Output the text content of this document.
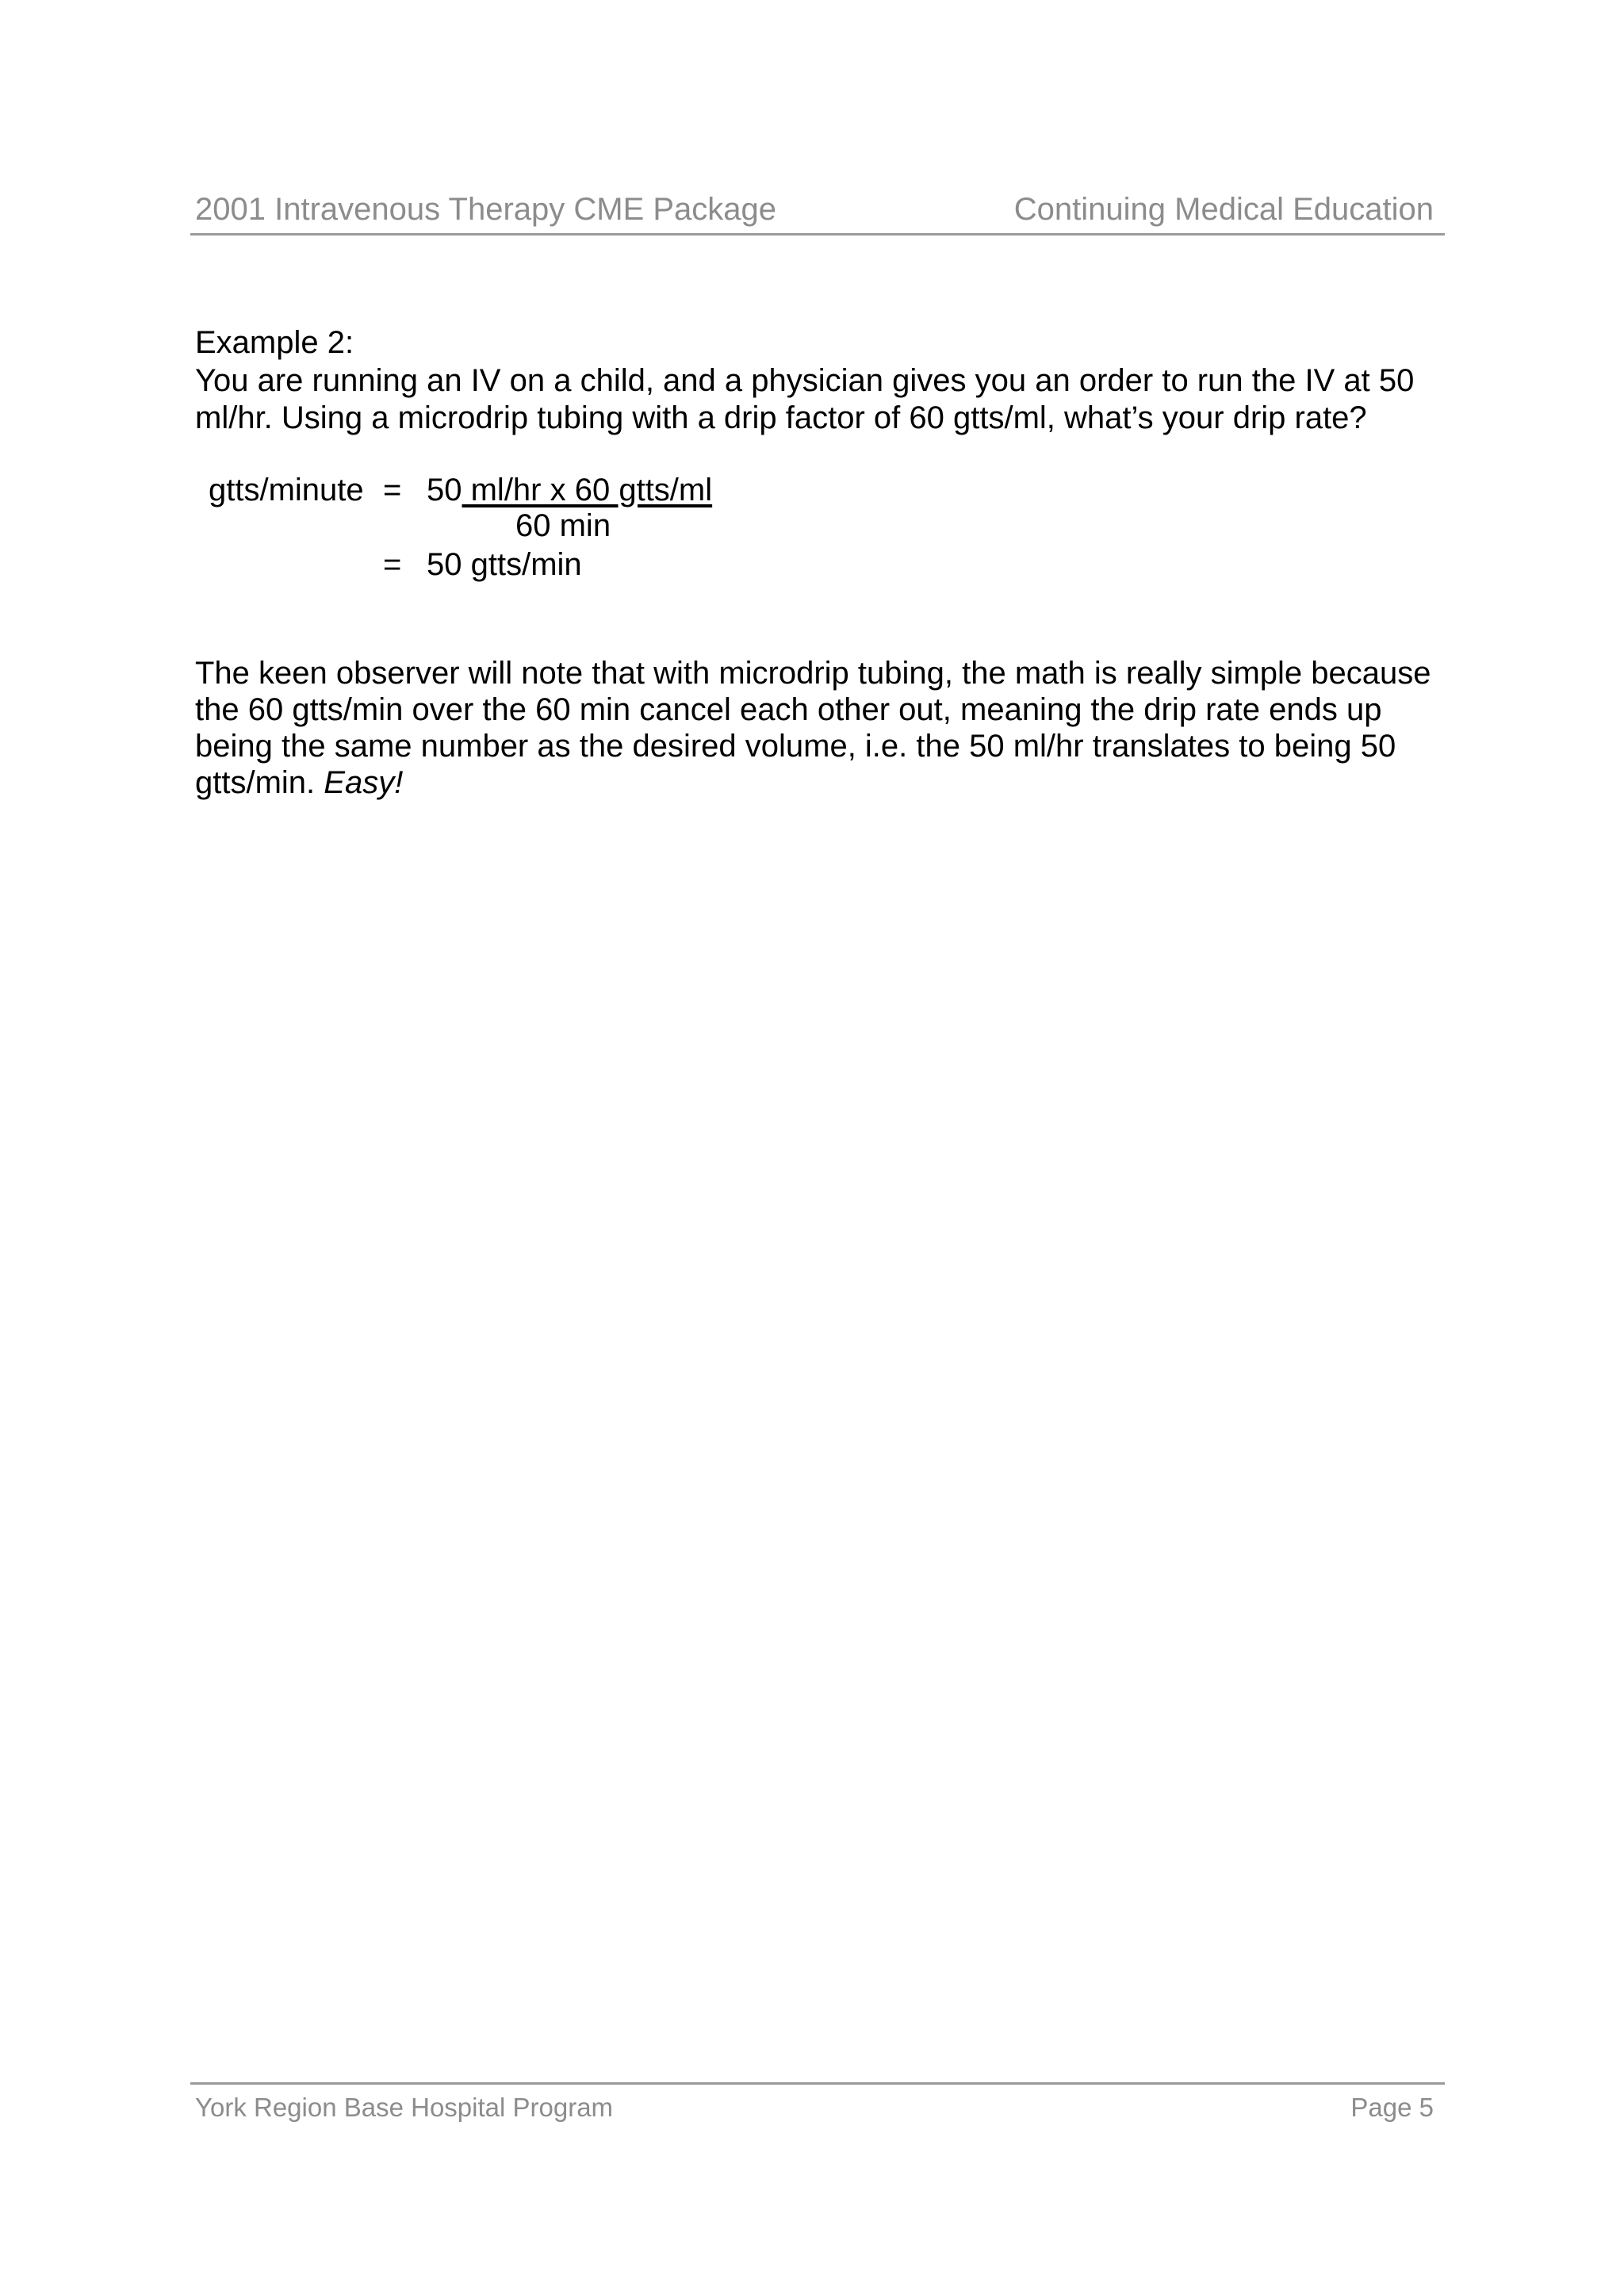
2001 Intravenous Therapy CME Package	Continuing Medical Education
Example 2:

You are running an IV on a child, and a physician gives you an order to run the IV at 50 ml/hr. Using a microdrip tubing with a drip factor of 60 gtts/ml, what’s your drip rate?

gtts/minute = 50 ml/hr x 60 gtts/ml
60 min
= 50 gtts/min

The keen observer will note that with microdrip tubing, the math is really simple because the 60 gtts/min over the 60 min cancel each other out, meaning the drip rate ends up being the same number as the desired volume, i.e. the 50 ml/hr translates to being 50 gtts/min. Easy!

York Region Base Hospital Program	Page 5
